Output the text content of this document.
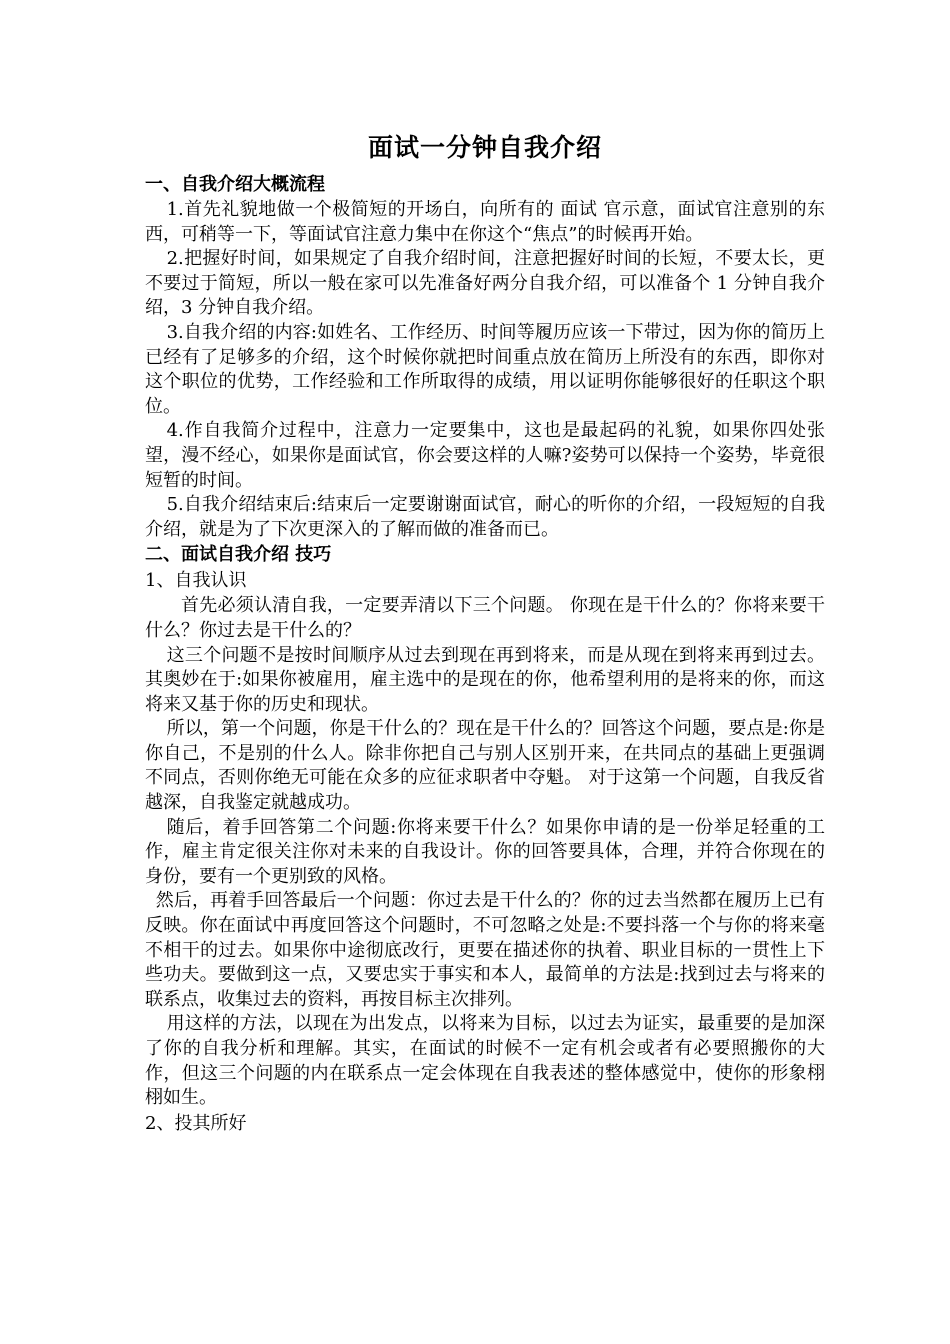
面试一分钟自我介绍
一、自我介绍大概流程

1.首先礼貌地做一个极简短的开场白，向所有的 面试 官示意，面试官注意别的东西，可稍等一下，等面试官注意力集中在你这个“焦点”的时候再开始。

2.把握好时间，如果规定了自我介绍时间，注意把握好时间的长短，不要太长，更不要过于简短，所以一般在家可以先准备好两分自我介绍，可以准备个 1 分钟自我介绍，3 分钟自我介绍。

3.自我介绍的内容:如姓名、工作经历、时间等履历应该一下带过，因为你的简历上已经有了足够多的介绍，这个时候你就把时间重点放在简历上所没有的东西，即你对这个职位的优势，工作经验和工作所取得的成绩，用以证明你能够很好的任职这个职位。

4.作自我简介过程中，注意力一定要集中，这也是最起码的礼貌，如果你四处张望，漫不经心，如果你是面试官，你会要这样的人嘛?姿势可以保持一个姿势，毕竟很短暂的时间。

5.自我介绍结束后:结束后一定要谢谢面试官，耐心的听你的介绍，一段短短的自我介绍，就是为了下次更深入的了解而做的准备而已。

二、面试自我介绍 技巧
1、自我认识

首先必须认清自我，一定要弄清以下三个问题。 你现在是干什么的？你将来要干什么？你过去是干什么的？

这三个问题不是按时间顺序从过去到现在再到将来，而是从现在到将来再到过去。其奥妙在于:如果你被雇用，雇主选中的是现在的你，他希望利用的是将来的你，而这将来又基于你的历史和现状。

所以，第一个问题，你是干什么的？现在是干什么的？回答这个问题，要点是:你是你自己，不是别的什么人。除非你把自己与别人区别开来，在共同点的基础上更强调不同点，否则你绝无可能在众多的应征求职者中夺魁。 对于这第一个问题，自我反省越深，自我鉴定就越成功。

随后，着手回答第二个问题:你将来要干什么？如果你申请的是一份举足轻重的工作，雇主肯定很关注你对未来的自我设计。你的回答要具体，合理，并符合你现在的身份，要有一个更别致的风格。

然后，再着手回答最后一个问题：你过去是干什么的？你的过去当然都在履历上已有反映。你在面试中再度回答这个问题时，不可忽略之处是:不要抖落一个与你的将来毫不相干的过去。如果你中途彻底改行，更要在描述你的执着、职业目标的一贯性上下些功夫。要做到这一点，又要忠实于事实和本人，最简单的方法是:找到过去与将来的联系点，收集过去的资料，再按目标主次排列。

用这样的方法，以现在为出发点，以将来为目标，以过去为证实，最重要的是加深了你的自我分析和理解。其实，在面试的时候不一定有机会或者有必要照搬你的大作，但这三个问题的内在联系点一定会体现在自我表述的整体感觉中，使你的形象栩栩如生。

2、投其所好
